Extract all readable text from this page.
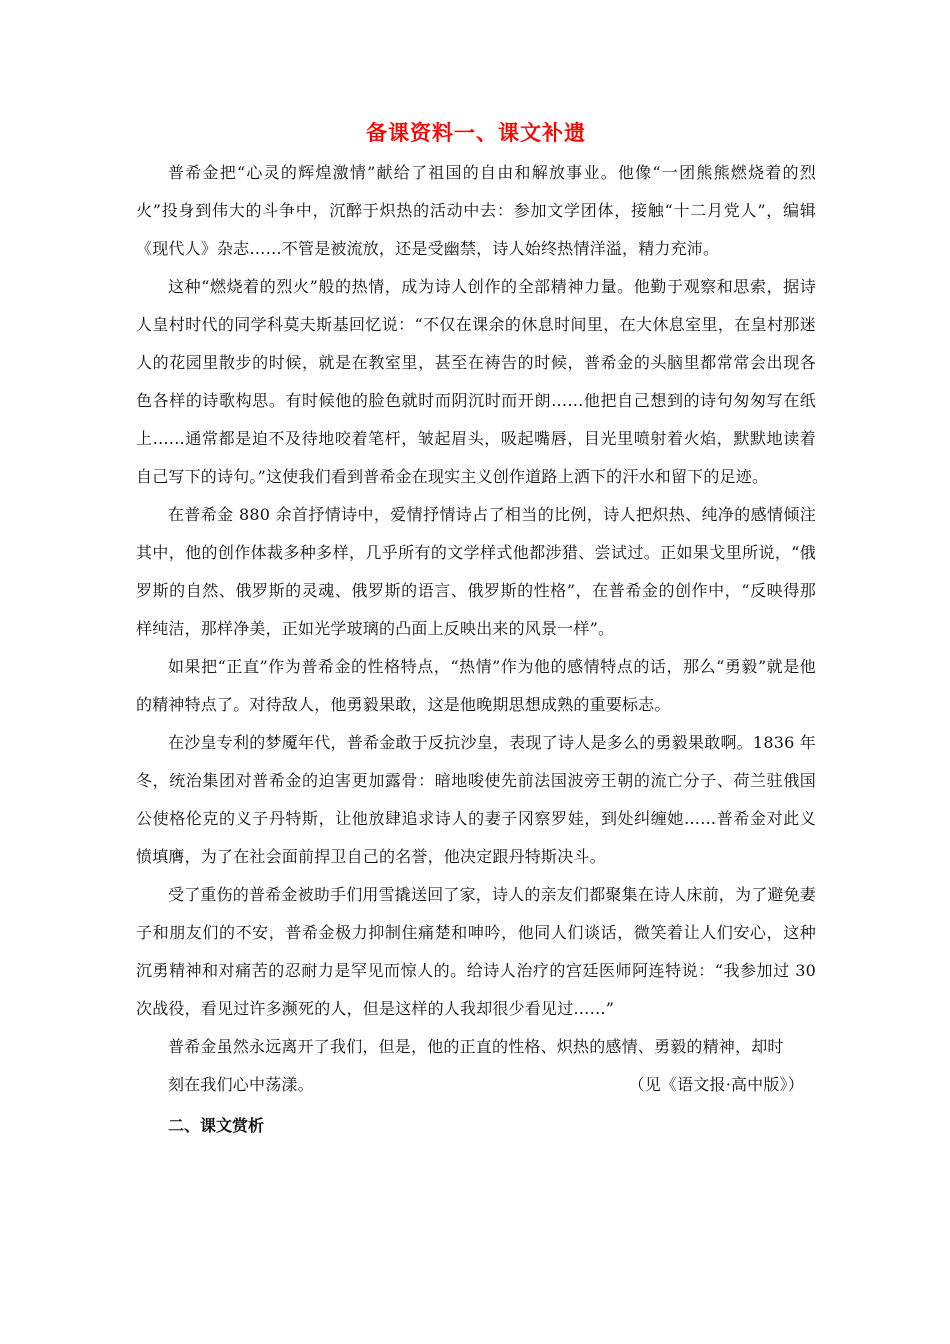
备课资料一、课文补遗

普希金把“心灵的辉煌激情”献给了祖国的自由和解放事业。他像“一团熊熊燃烧着的烈火”投身到伟大的斗争中，沉醉于炽热的活动中去：参加文学团体，接触“十二月党人”，编辑《现代人》杂志……不管是被流放，还是受幽禁，诗人始终热情洋溢，精力充沛。

这种“燃烧着的烈火”般的热情，成为诗人创作的全部精神力量。他勤于观察和思索，据诗人皇村时代的同学科莫夫斯基回忆说：“不仅在课余的休息时间里，在大休息室里，在皇村那迷人的花园里散步的时候，就是在教室里，甚至在祷告的时候，普希金的头脑里都常常会出现各色各样的诗歌构思。有时候他的脸色就时而阴沉时而开朗……他把自己想到的诗句匆匆写在纸上……通常都是迫不及待地咬着笔杆，皱起眉头，吸起嘴唇，目光里喷射着火焰，默默地读着自己写下的诗句。”这使我们看到普希金在现实主义创作道路上洒下的汗水和留下的足迹。

在普希金 880 余首抒情诗中，爱情抒情诗占了相当的比例，诗人把炽热、纯净的感情倾注其中，他的创作体裁多种多样，几乎所有的文学样式他都涉猎、尝试过。正如果戈里所说，“俄罗斯的自然、俄罗斯的灵魂、俄罗斯的语言、俄罗斯的性格”，在普希金的创作中，“反映得那样纯洁，那样净美，正如光学玻璃的凸面上反映出来的风景一样”。

如果把“正直”作为普希金的性格特点，“热情”作为他的感情特点的话，那么“勇毅”就是他的精神特点了。对待敌人，他勇毅果敢，这是他晚期思想成熟的重要标志。

在沙皇专利的梦魇年代，普希金敢于反抗沙皇，表现了诗人是多么的勇毅果敢啊。1836 年冬，统治集团对普希金的迫害更加露骨：暗地唆使先前法国波旁王朝的流亡分子、荷兰驻俄国公使格伦克的义子丹特斯，让他放肆追求诗人的妻子冈察罗娃，到处纠缠她……普希金对此义愤填膺，为了在社会面前捍卫自己的名誉，他决定跟丹特斯决斗。

受了重伤的普希金被助手们用雪撬送回了家，诗人的亲友们都聚集在诗人床前，为了避免妻子和朋友们的不安，普希金极力抑制住痛楚和呻吟，他同人们谈话，微笑着让人们安心，这种沉勇精神和对痛苦的忍耐力是罕见而惊人的。给诗人治疗的宫廷医师阿连特说：“我参加过 30 次战役，看见过许多濒死的人，但是这样的人我却很少看见过……”

普希金虽然永远离开了我们，但是，他的正直的性格、炽热的感情、勇毅的精神，却时

刻在我们心中荡漾。	（见《语文报·高中版》）
二、课文赏析
